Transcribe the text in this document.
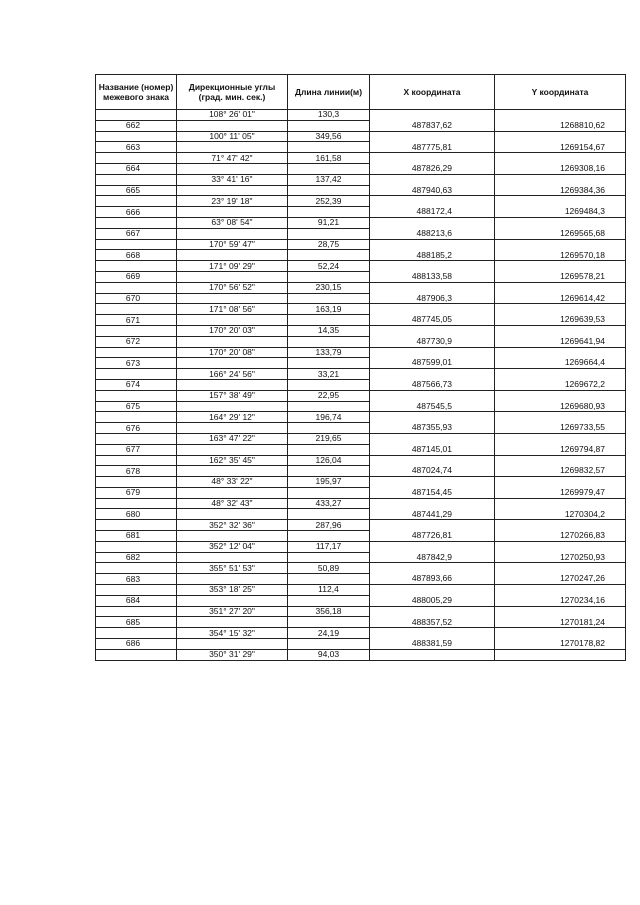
Название (номер) межевого знака	Дирекционные углы (град. мин. сек.)	Длина линии(м)	X координата	Y координата
	108° 26' 01"	130,3		
662			487837,62	1268810,62
	100° 11' 05"	349,56		
663			487775,81	1269154,67
	71° 47' 42"	161,58		
664			487826,29	1269308,16
	33° 41' 16"	137,42		
665			487940,63	1269384,36
	23° 19' 18"	252,39		
666			488172,4	1269484,3
	63° 08' 54"	91,21		
667			488213,6	1269565,68
	170° 59' 47"	28,75		
668			488185,2	1269570,18
	171° 09' 29"	52,24		
669			488133,58	1269578,21
	170° 56' 52"	230,15		
670			487906,3	1269614,42
	171° 08' 56"	163,19		
671			487745,05	1269639,53
	170° 20' 03"	14,35		
672			487730,9	1269641,94
	170° 20' 08"	133,79		
673			487599,01	1269664,4
	166° 24' 56"	33,21		
674			487566,73	1269672,2
	157° 38' 49"	22,95		
675			487545,5	1269680,93
	164° 29' 12"	196,74		
676			487355,93	1269733,55
	163° 47' 22"	219,65		
677			487145,01	1269794,87
	162° 35' 45"	126,04		
678			487024,74	1269832,57
	48° 33' 22"	195,97		
679			487154,45	1269979,47
	48° 32' 43"	433,27		
680			487441,29	1270304,2
	352° 32' 36"	287,96		
681			487726,81	1270266,83
	352° 12' 04"	117,17		
682			487842,9	1270250,93
	355° 51' 53"	50,89		
683			487893,66	1270247,26
	353° 18' 25"	112,4		
684			488005,29	1270234,16
	351° 27' 20"	356,18		
685			488357,52	1270181,24
	354° 15' 32"	24,19		
686			488381,59	1270178,82
	350° 31' 29"	94,03		
